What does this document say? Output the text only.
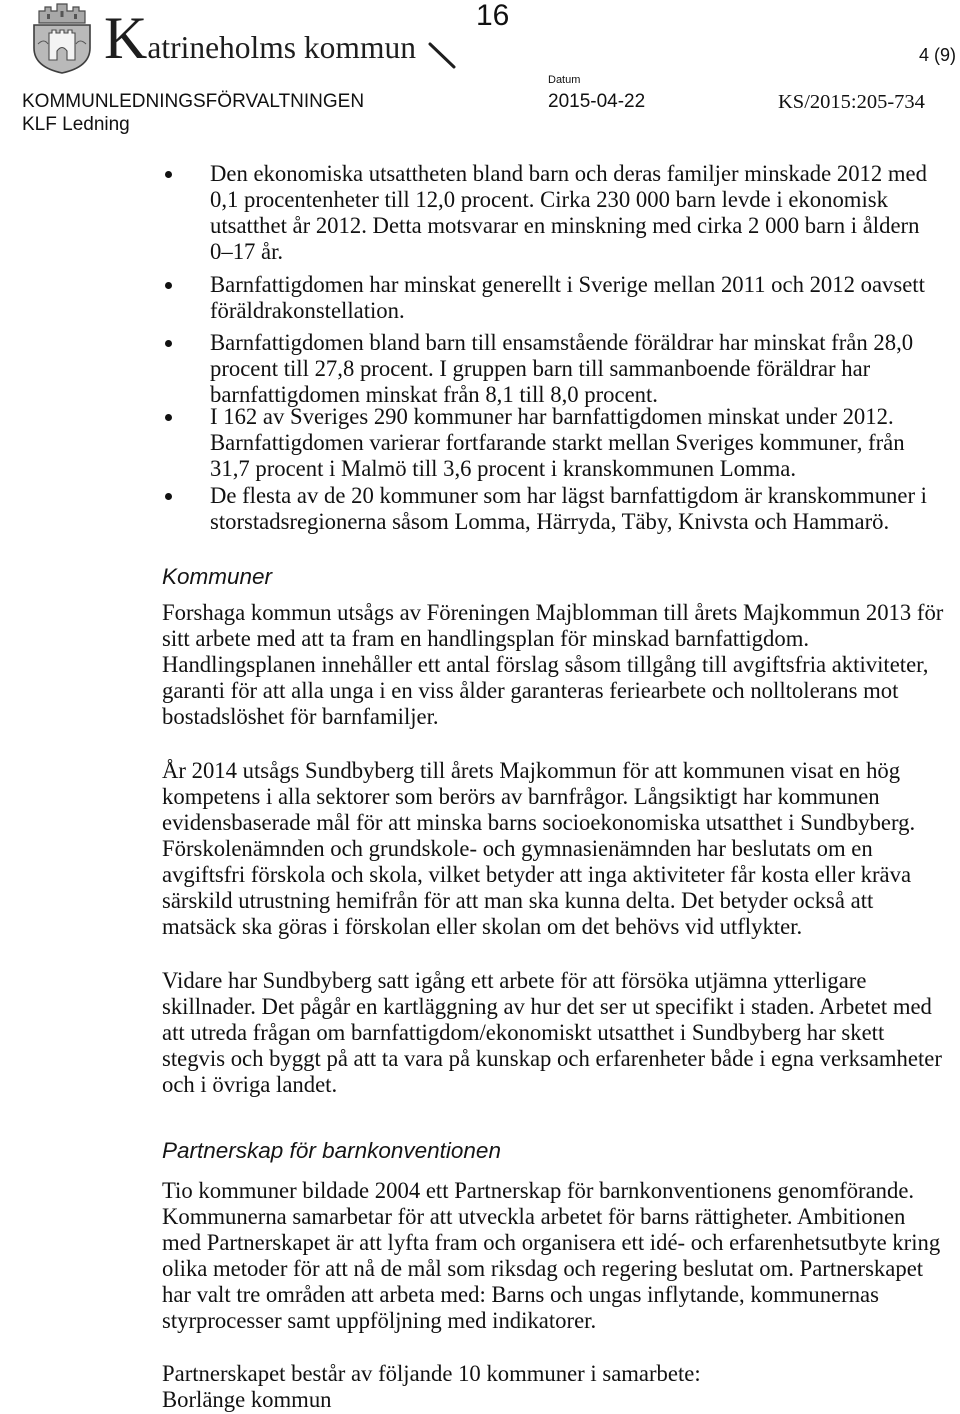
Katrineholms kommun
16
4 (9)
KOMMUNLEDNINGSFÖRVALTNINGEN
KLF Ledning
Datum
2015-04-22	KS/2015:205-734
Den ekonomiska utsattheten bland barn och deras familjer minskade 2012 med
0,1 procentenheter till 12,0 procent. Cirka 230 000 barn levde i ekonomisk
utsatthet år 2012. Detta motsvarar en minskning med cirka 2 000 barn i åldern
0–17 år.
Barnfattigdomen har minskat generellt i Sverige mellan 2011 och 2012 oavsett
föräldrakonstellation.
Barnfattigdomen bland barn till ensamstående föräldrar har minskat från 28,0
procent till 27,8 procent. I gruppen barn till sammanboende föräldrar har
barnfattigdomen minskat från 8,1 till 8,0 procent.
I 162 av Sveriges 290 kommuner har barnfattigdomen minskat under 2012.
Barnfattigdomen varierar fortfarande starkt mellan Sveriges kommuner, från
31,7 procent i Malmö till 3,6 procent i kranskommunen Lomma.
De flesta av de 20 kommuner som har lägst barnfattigdom är kranskommuner i
storstadsregionerna såsom Lomma, Härryda, Täby, Knivsta och Hammarö.
Kommuner
Forshaga kommun utsågs av Föreningen Majblomman till årets Majkommun 2013 för
sitt arbete med att ta fram en handlingsplan för minskad barnfattigdom.
Handlingsplanen innehåller ett antal förslag såsom tillgång till avgiftsfria aktiviteter,
garanti för att alla unga i en viss ålder garanteras feriearbete och nolltolerans mot
bostadslöshet för barnfamiljer.
År 2014 utsågs Sundbyberg till årets Majkommun för att kommunen visat en hög
kompetens i alla sektorer som berörs av barnfrågor. Långsiktigt har kommunen
evidensbaserade mål för att minska barns socioekonomiska utsatthet i Sundbyberg.
Förskolenämnden och grundskole- och gymnasienämnden har beslutats om en
avgiftsfri förskola och skola, vilket betyder att inga aktiviteter får kosta eller kräva
särskild utrustning hemifrån för att man ska kunna delta. Det betyder också att
matsäck ska göras i förskolan eller skolan om det behövs vid utflykter.
Vidare har Sundbyberg satt igång ett arbete för att försöka utjämna ytterligare
skillnader. Det pågår en kartläggning av hur det ser ut specifikt i staden. Arbetet med
att utreda frågan om barnfattigdom/ekonomiskt utsatthet i Sundbyberg har skett
stegvis och byggt på att ta vara på kunskap och erfarenheter både i egna verksamheter
och i övriga landet.
Partnerskap för barnkonventionen
Tio kommuner bildade 2004 ett Partnerskap för barnkonventionens genomförande.
Kommunerna samarbetar för att utveckla arbetet för barns rättigheter. Ambitionen
med Partnerskapet är att lyfta fram och organisera ett idé- och erfarenhetsutbyte kring
olika metoder för att nå de mål som riksdag och regering beslutat om. Partnerskapet
har valt tre områden att arbeta med: Barns och ungas inflytande, kommunernas
styrprocesser samt uppföljning med indikatorer.
Partnerskapet består av följande 10 kommuner i samarbete:
Borlänge kommun
